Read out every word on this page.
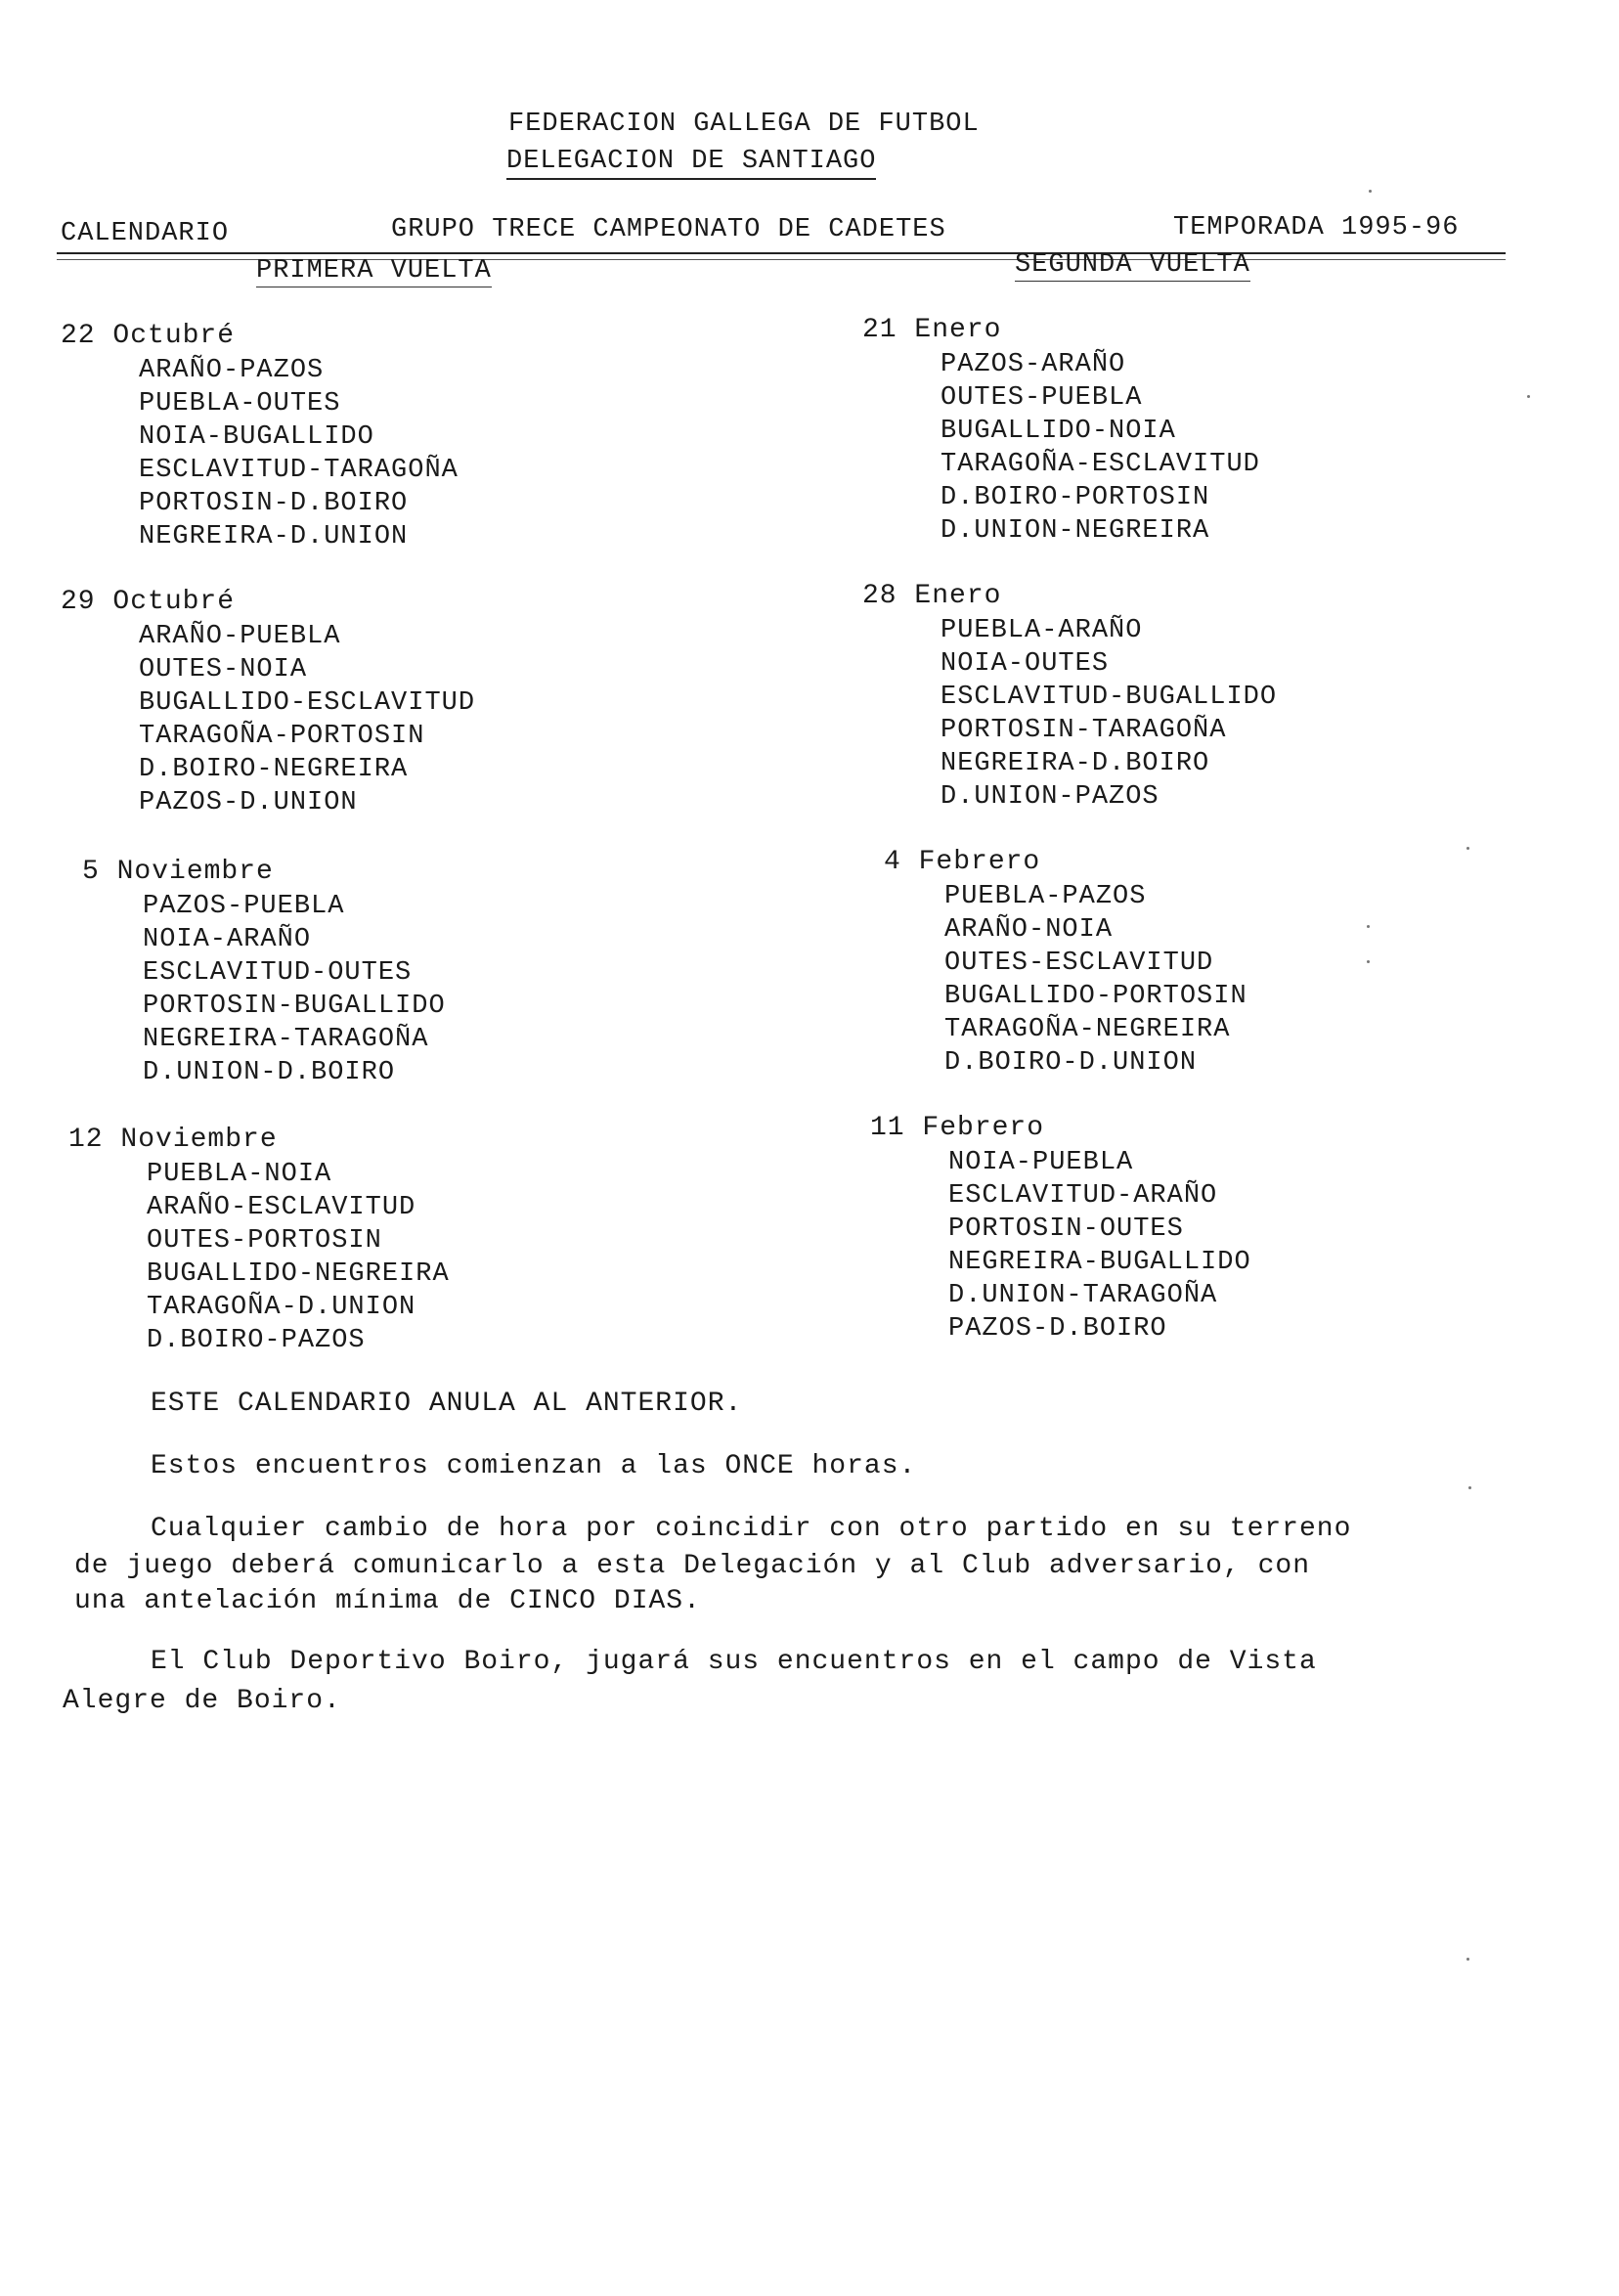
FEDERACION GALLEGA DE FUTBOL
DELEGACION DE SANTIAGO
CALENDARIO	GRUPO TRECE CAMPEONATO DE CADETES	TEMPORADA 1995-96
PRIMERA VUELTA	SEGUNDA VUELTA
22 Octubré
ARAÑO-PAZOS
PUEBLA-OUTES
NOIA-BUGALLIDO
ESCLAVITUD-TARAGOÑA
PORTOSIN-D.BOIRO
NEGREIRA-D.UNION
29 Octubré
ARAÑO-PUEBLA
OUTES-NOIA
BUGALLIDO-ESCLAVITUD
TARAGOÑA-PORTOSIN
D.BOIRO-NEGREIRA
PAZOS-D.UNION
5 Noviembre
PAZOS-PUEBLA
NOIA-ARAÑO
ESCLAVITUD-OUTES
PORTOSIN-BUGALLIDO
NEGREIRA-TARAGOÑA
D.UNION-D.BOIRO
12 Noviembre
PUEBLA-NOIA
ARAÑO-ESCLAVITUD
OUTES-PORTOSIN
BUGALLIDO-NEGREIRA
TARAGOÑA-D.UNION
D.BOIRO-PAZOS
21 Enero
PAZOS-ARAÑO
OUTES-PUEBLA
BUGALLIDO-NOIA
TARAGOÑA-ESCLAVITUD
D.BOIRO-PORTOSIN
D.UNION-NEGREIRA
28 Enero
PUEBLA-ARAÑO
NOIA-OUTES
ESCLAVITUD-BUGALLIDO
PORTOSIN-TARAGOÑA
NEGREIRA-D.BOIRO
D.UNION-PAZOS
4 Febrero
PUEBLA-PAZOS
ARAÑO-NOIA
OUTES-ESCLAVITUD
BUGALLIDO-PORTOSIN
TARAGOÑA-NEGREIRA
D.BOIRO-D.UNION
11 Febrero
NOIA-PUEBLA
ESCLAVITUD-ARAÑO
PORTOSIN-OUTES
NEGREIRA-BUGALLIDO
D.UNION-TARAGOÑA
PAZOS-D.BOIRO
ESTE CALENDARIO ANULA AL ANTERIOR.
Estos encuentros comienzan a las ONCE horas.
Cualquier cambio de hora por coincidir con otro partido en su terreno
de juego deberá comunicarlo a esta Delegación y al Club adversario, con
una antelación mínima de CINCO DIAS.
El Club Deportivo Boiro, jugará sus encuentros en el campo de Vista
Alegre de Boiro.
